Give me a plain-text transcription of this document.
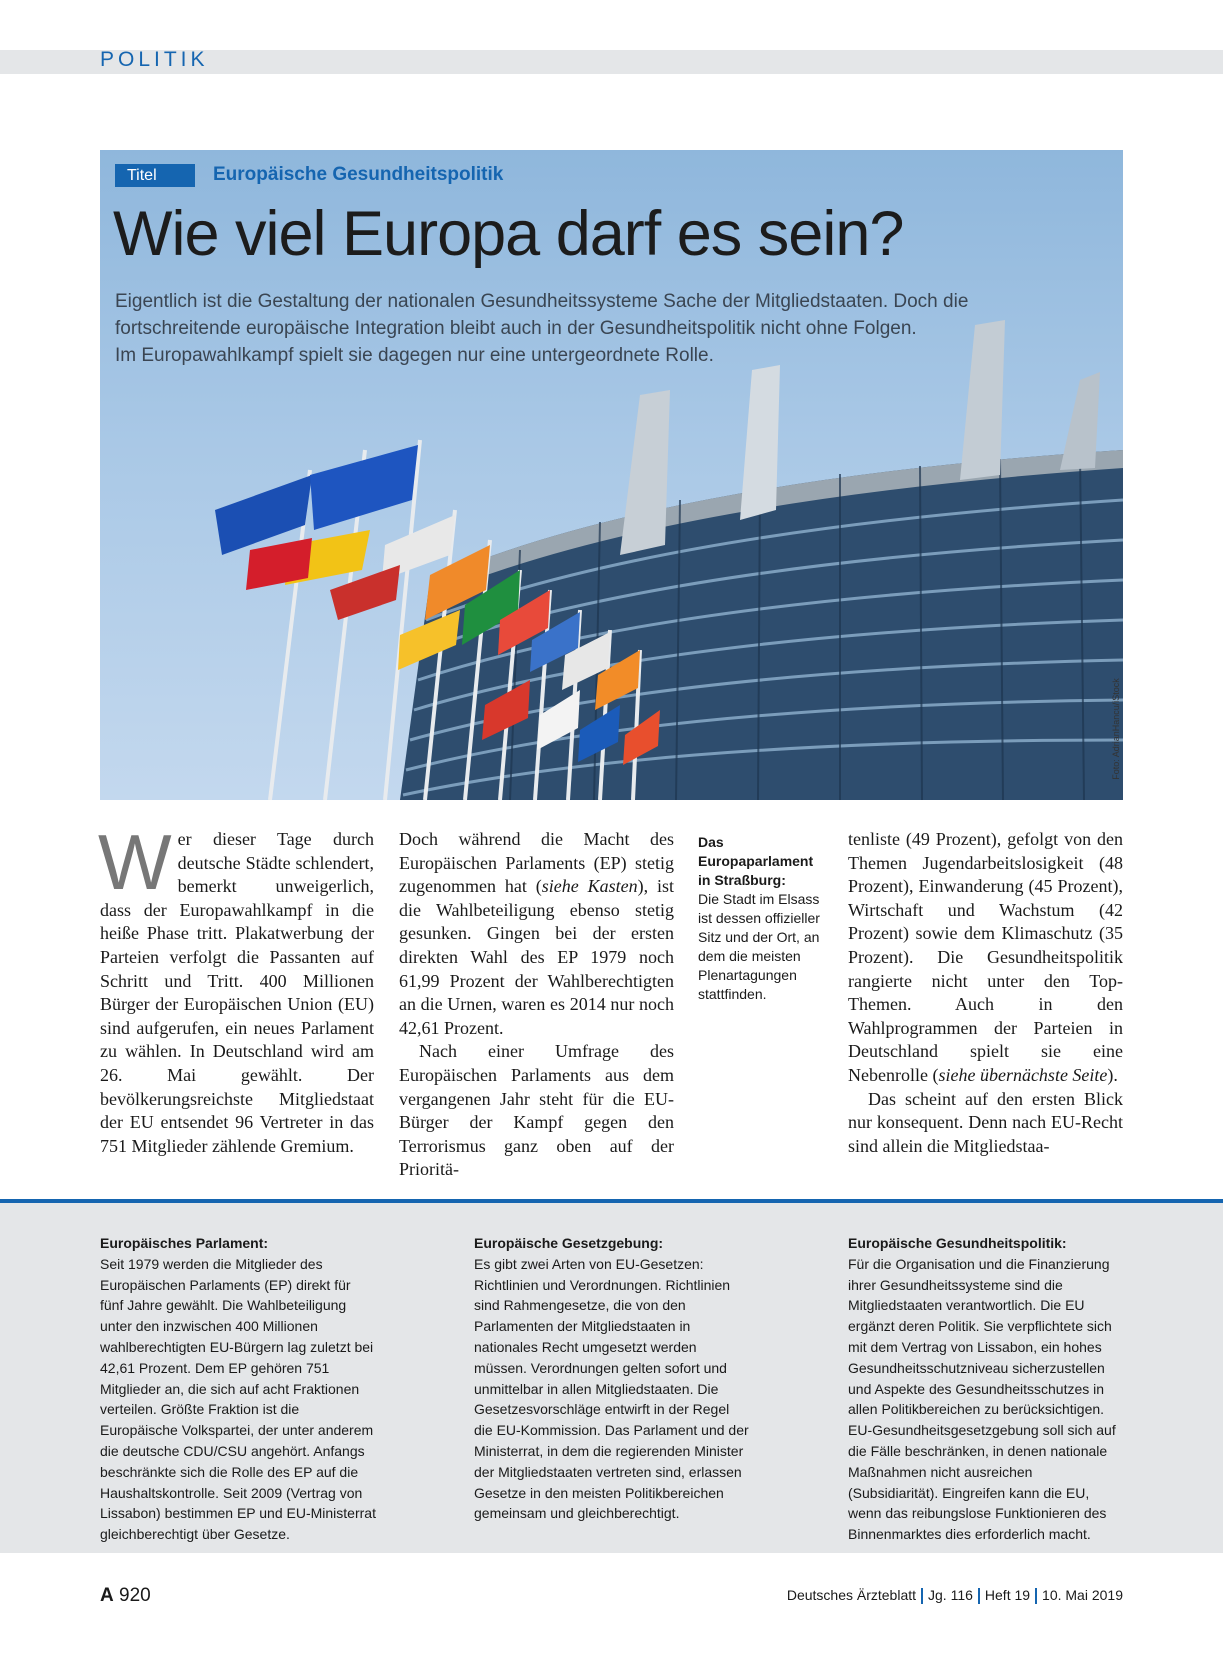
POLITIK
Titel	Europäische Gesundheitspolitik
Wie viel Europa darf es sein?
Eigentlich ist die Gestaltung der nationalen Gesundheitssysteme Sache der Mitgliedstaaten. Doch die
fortschreitende europäische Integration bleibt auch in der Gesundheitspolitik nicht ohne Folgen.
Im Europawahlkampf spielt sie dagegen nur eine untergeordnete Rolle.
Foto: AdrianHancu/iStock
W er dieser Tage durch deutsche Städte schlendert, bemerkt unweigerlich, dass der Europawahlkampf in die heiße Phase tritt. Plakatwerbung der Parteien verfolgt die Passanten auf Schritt und Tritt. 400 Millionen Bürger der Europäischen Union (EU) sind aufgerufen, ein neues Parlament zu wählen. In Deutschland wird am 26. Mai gewählt. Der bevölkerungsreichste Mitgliedstaat der EU entsendet 96 Vertreter in das 751 Mitglieder zählende Gremium.

Doch während die Macht des Europäischen Parlaments (EP) stetig zugenommen hat (siehe Kasten), ist die Wahlbeteiligung ebenso stetig gesunken. Gingen bei der ersten direkten Wahl des EP 1979 noch 61,99 Prozent der Wahlberechtigten an die Urnen, waren es 2014 nur noch 42,61 Prozent.

Nach einer Umfrage des Europäischen Parlaments aus dem vergangenen Jahr steht für die EU-Bürger der Kampf gegen den Terrorismus ganz oben auf der Prioritä-

Das Europaparlament in Straßburg:
Die Stadt im Elsass ist dessen offizieller Sitz und der Ort, an dem die meisten Plenartagungen stattfinden.

tenliste (49 Prozent), gefolgt von den Themen Jugendarbeitslosigkeit (48 Prozent), Einwanderung (45 Prozent), Wirtschaft und Wachstum (42 Prozent) sowie dem Klimaschutz (35 Prozent). Die Gesundheitspolitik rangierte nicht unter den Top-Themen. Auch in den Wahlprogrammen der Parteien in Deutschland spielt sie eine Nebenrolle (siehe übernächste Seite).

Das scheint auf den ersten Blick nur konsequent. Denn nach EU-Recht sind allein die Mitgliedstaa-

Europäisches Parlament:

Seit 1979 werden die Mitglieder des Europäischen Parlaments (EP) direkt für fünf Jahre gewählt. Die Wahlbeteiligung unter den inzwischen 400 Millionen wahlberechtigten EU-Bürgern lag zuletzt bei 42,61 Prozent. Dem EP gehören 751 Mitglieder an, die sich auf acht Fraktionen verteilen. Größte Fraktion ist die Europäische Volkspartei, der unter anderem die deutsche CDU/CSU angehört. Anfangs beschränkte sich die Rolle des EP auf die Haushaltskontrolle. Seit 2009 (Vertrag von Lissabon) bestimmen EP und EU-Ministerrat gleichberechtigt über Gesetze.

Europäische Gesetzgebung:

Es gibt zwei Arten von EU-Gesetzen: Richtlinien und Verordnungen. Richtlinien sind Rahmengesetze, die von den Parlamenten der Mitgliedstaaten in nationales Recht umgesetzt werden müssen. Verordnungen gelten sofort und unmittelbar in allen Mitgliedstaaten. Die Gesetzesvorschläge entwirft in der Regel die EU-Kommission. Das Parlament und der Ministerrat, in dem die regierenden Minister der Mitgliedstaaten vertreten sind, erlassen Gesetze in den meisten Politikbereichen gemeinsam und gleichberechtigt.

Europäische Gesundheitspolitik:

Für die Organisation und die Finanzierung ihrer Gesundheitssysteme sind die Mitgliedstaaten verantwortlich. Die EU ergänzt deren Politik. Sie verpflichtete sich mit dem Vertrag von Lissabon, ein hohes Gesundheitsschutzniveau sicherzustellen und Aspekte des Gesundheitsschutzes in allen Politikbereichen zu berücksichtigen. EU-Gesundheitsgesetzgebung soll sich auf die Fälle beschränken, in denen nationale Maßnahmen nicht ausreichen (Subsidiarität). Eingreifen kann die EU, wenn das reibungslose Funktionieren des Binnenmarktes dies erforderlich macht.

A 920	Deutsches Ärzteblatt Jg. 116 Heft 19 10. Mai 2019
